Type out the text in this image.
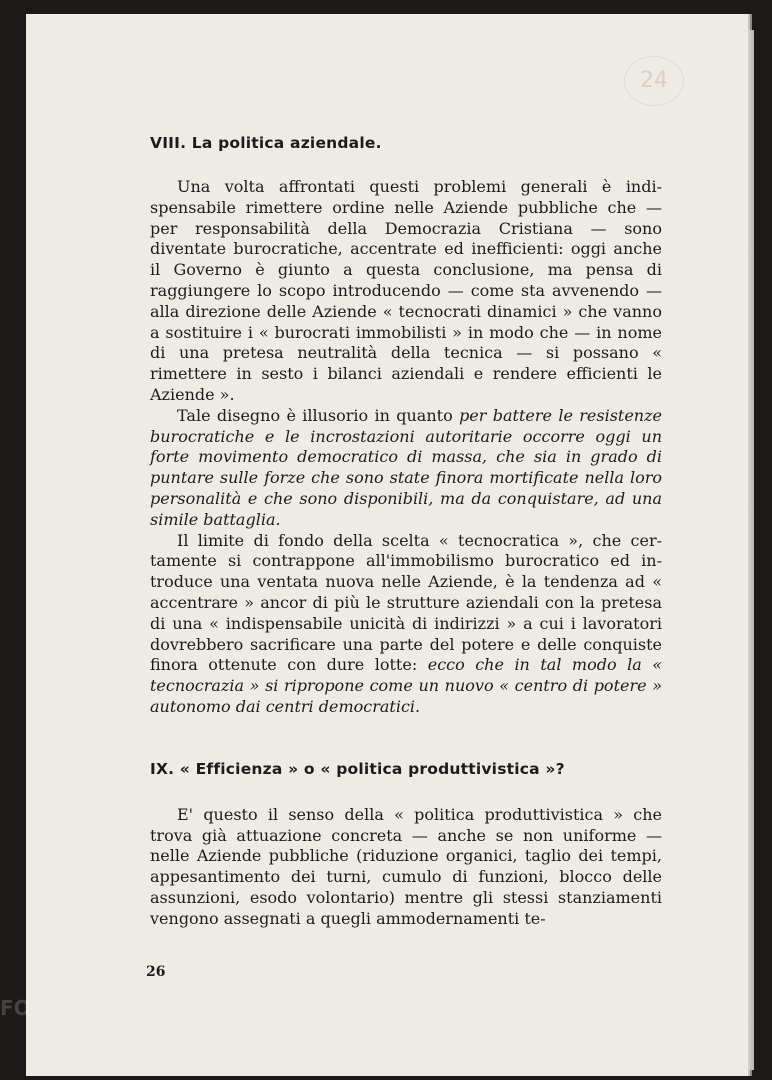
24

VIII. La politica aziendale.

Una volta affrontati questi problemi generali è indispensabile rimettere ordine nelle Aziende pubbliche che — per responsabilità della Democrazia Cristiana — sono diventate burocratiche, accentrate ed inefficienti: oggi anche il Governo è giunto a questa conclusione, ma pensa di raggiungere lo scopo introducendo — come sta avvenendo — alla direzione delle Aziende « tecnocrati dinamici » che vanno a sostituire i « burocrati immobilisti » in modo che — in nome di una pretesa neutralità della tecnica — si possano « rimettere in sesto i bilanci aziendali e rendere efficienti le Aziende ».

Tale disegno è illusorio in quanto per battere le resistenze burocratiche e le incrostazioni autoritarie occorre oggi un forte movimento democratico di massa, che sia in grado di puntare sulle forze che sono state finora mortificate nella loro personalità e che sono disponibili, ma da conquistare, ad una simile battaglia.

Il limite di fondo della scelta « tecnocratica », che certamente si contrappone all'immobilismo burocratico ed introduce una ventata nuova nelle Aziende, è la tendenza ad « accentrare » ancor di più le strutture aziendali con la pretesa di una « indispensabile unicità di indirizzi » a cui i lavoratori dovrebbero sacrificare una parte del potere e delle conquiste finora ottenute con dure lotte: ecco che in tal modo la « tecnocrazia » si ripropone come un nuovo « centro di potere » autonomo dai centri democratici.

IX. « Efficienza » o « politica produttivistica »?

E' questo il senso della « politica produttivistica » che trova già attuazione concreta — anche se non uniforme — nelle Aziende pubbliche (riduzione organici, taglio dei tempi, appesantimento dei turni, cumulo di funzioni, blocco delle assunzioni, esodo volontario) mentre gli stessi stanziamenti vengono assegnati a quegli ammodernamenti te-

26
FO
